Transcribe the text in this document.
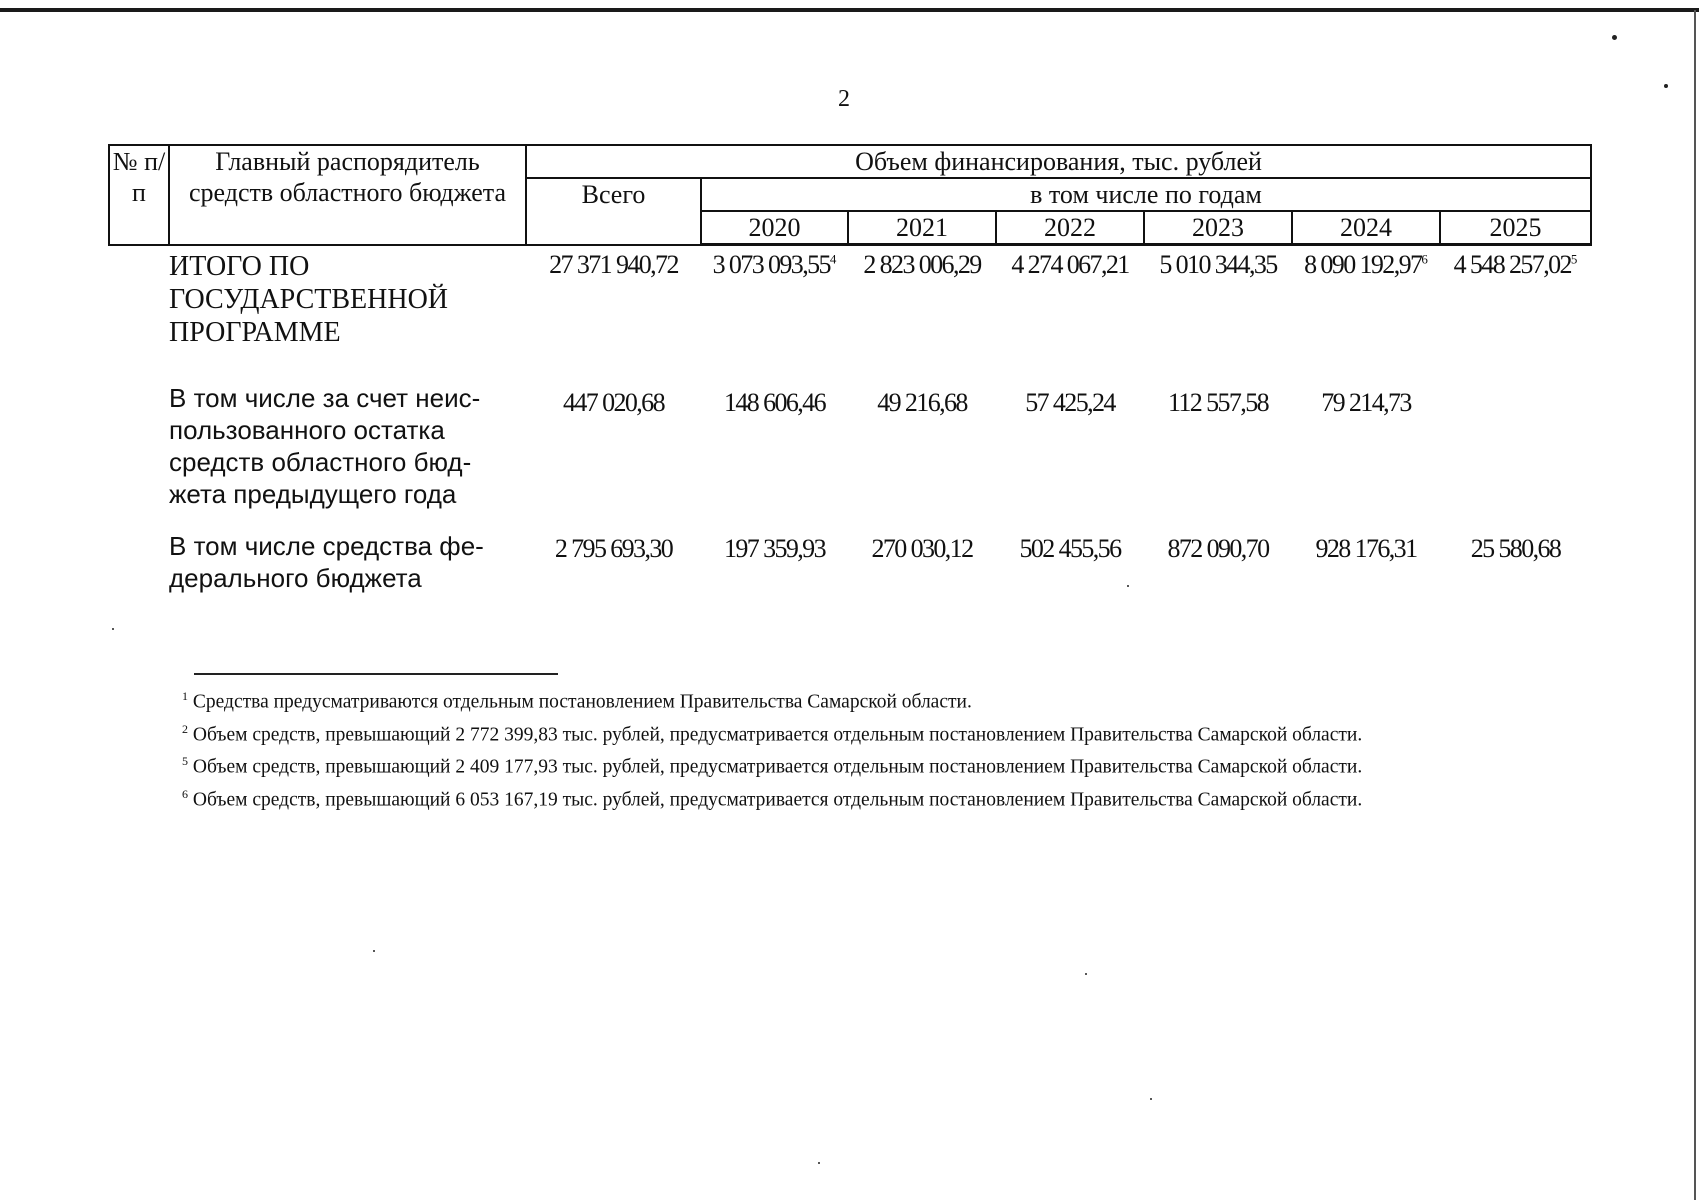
2
№ п/п	Главный распорядитель средств областного бюджета	Объем финансирования, тыс. рублей						
		Всего	в том числе по годам					
			2020	2021	2022	2023	2024	2025
	ИТОГО ПО ГОСУДАРСТВЕННОЙ ПРОГРАММЕ	27 371 940,72	3 073 093,55$^4$	2 823 006,29	4 274 067,21	5 010 344,35	8 090 192,97$^6$	4 548 257,02$^5$
	В том числе за счет неис-пользованного остатка средств областного бюд-жета предыдущего года	447 020,68	148 606,46	49 216,68	57 425,24	112 557,58	79 214,73	
	В том числе средства фе-дерального бюджета	2 795 693,30	197 359,93	270 030,12	502 455,56	872 090,70	928 176,31	25 580,68

$^1$ Средства предусматриваются отдельным постановлением Правительства Самарской области.

$^2$ Объем средств, превышающий 2 772 399,83 тыс. рублей, предусматривается отдельным постановлением Правительства Самарской области.

$^5$ Объем средств, превышающий 2 409 177,93 тыс. рублей, предусматривается отдельным постановлением Правительства Самарской области.

$^6$ Объем средств, превышающий 6 053 167,19 тыс. рублей, предусматривается отдельным постановлением Правительства Самарской области.
